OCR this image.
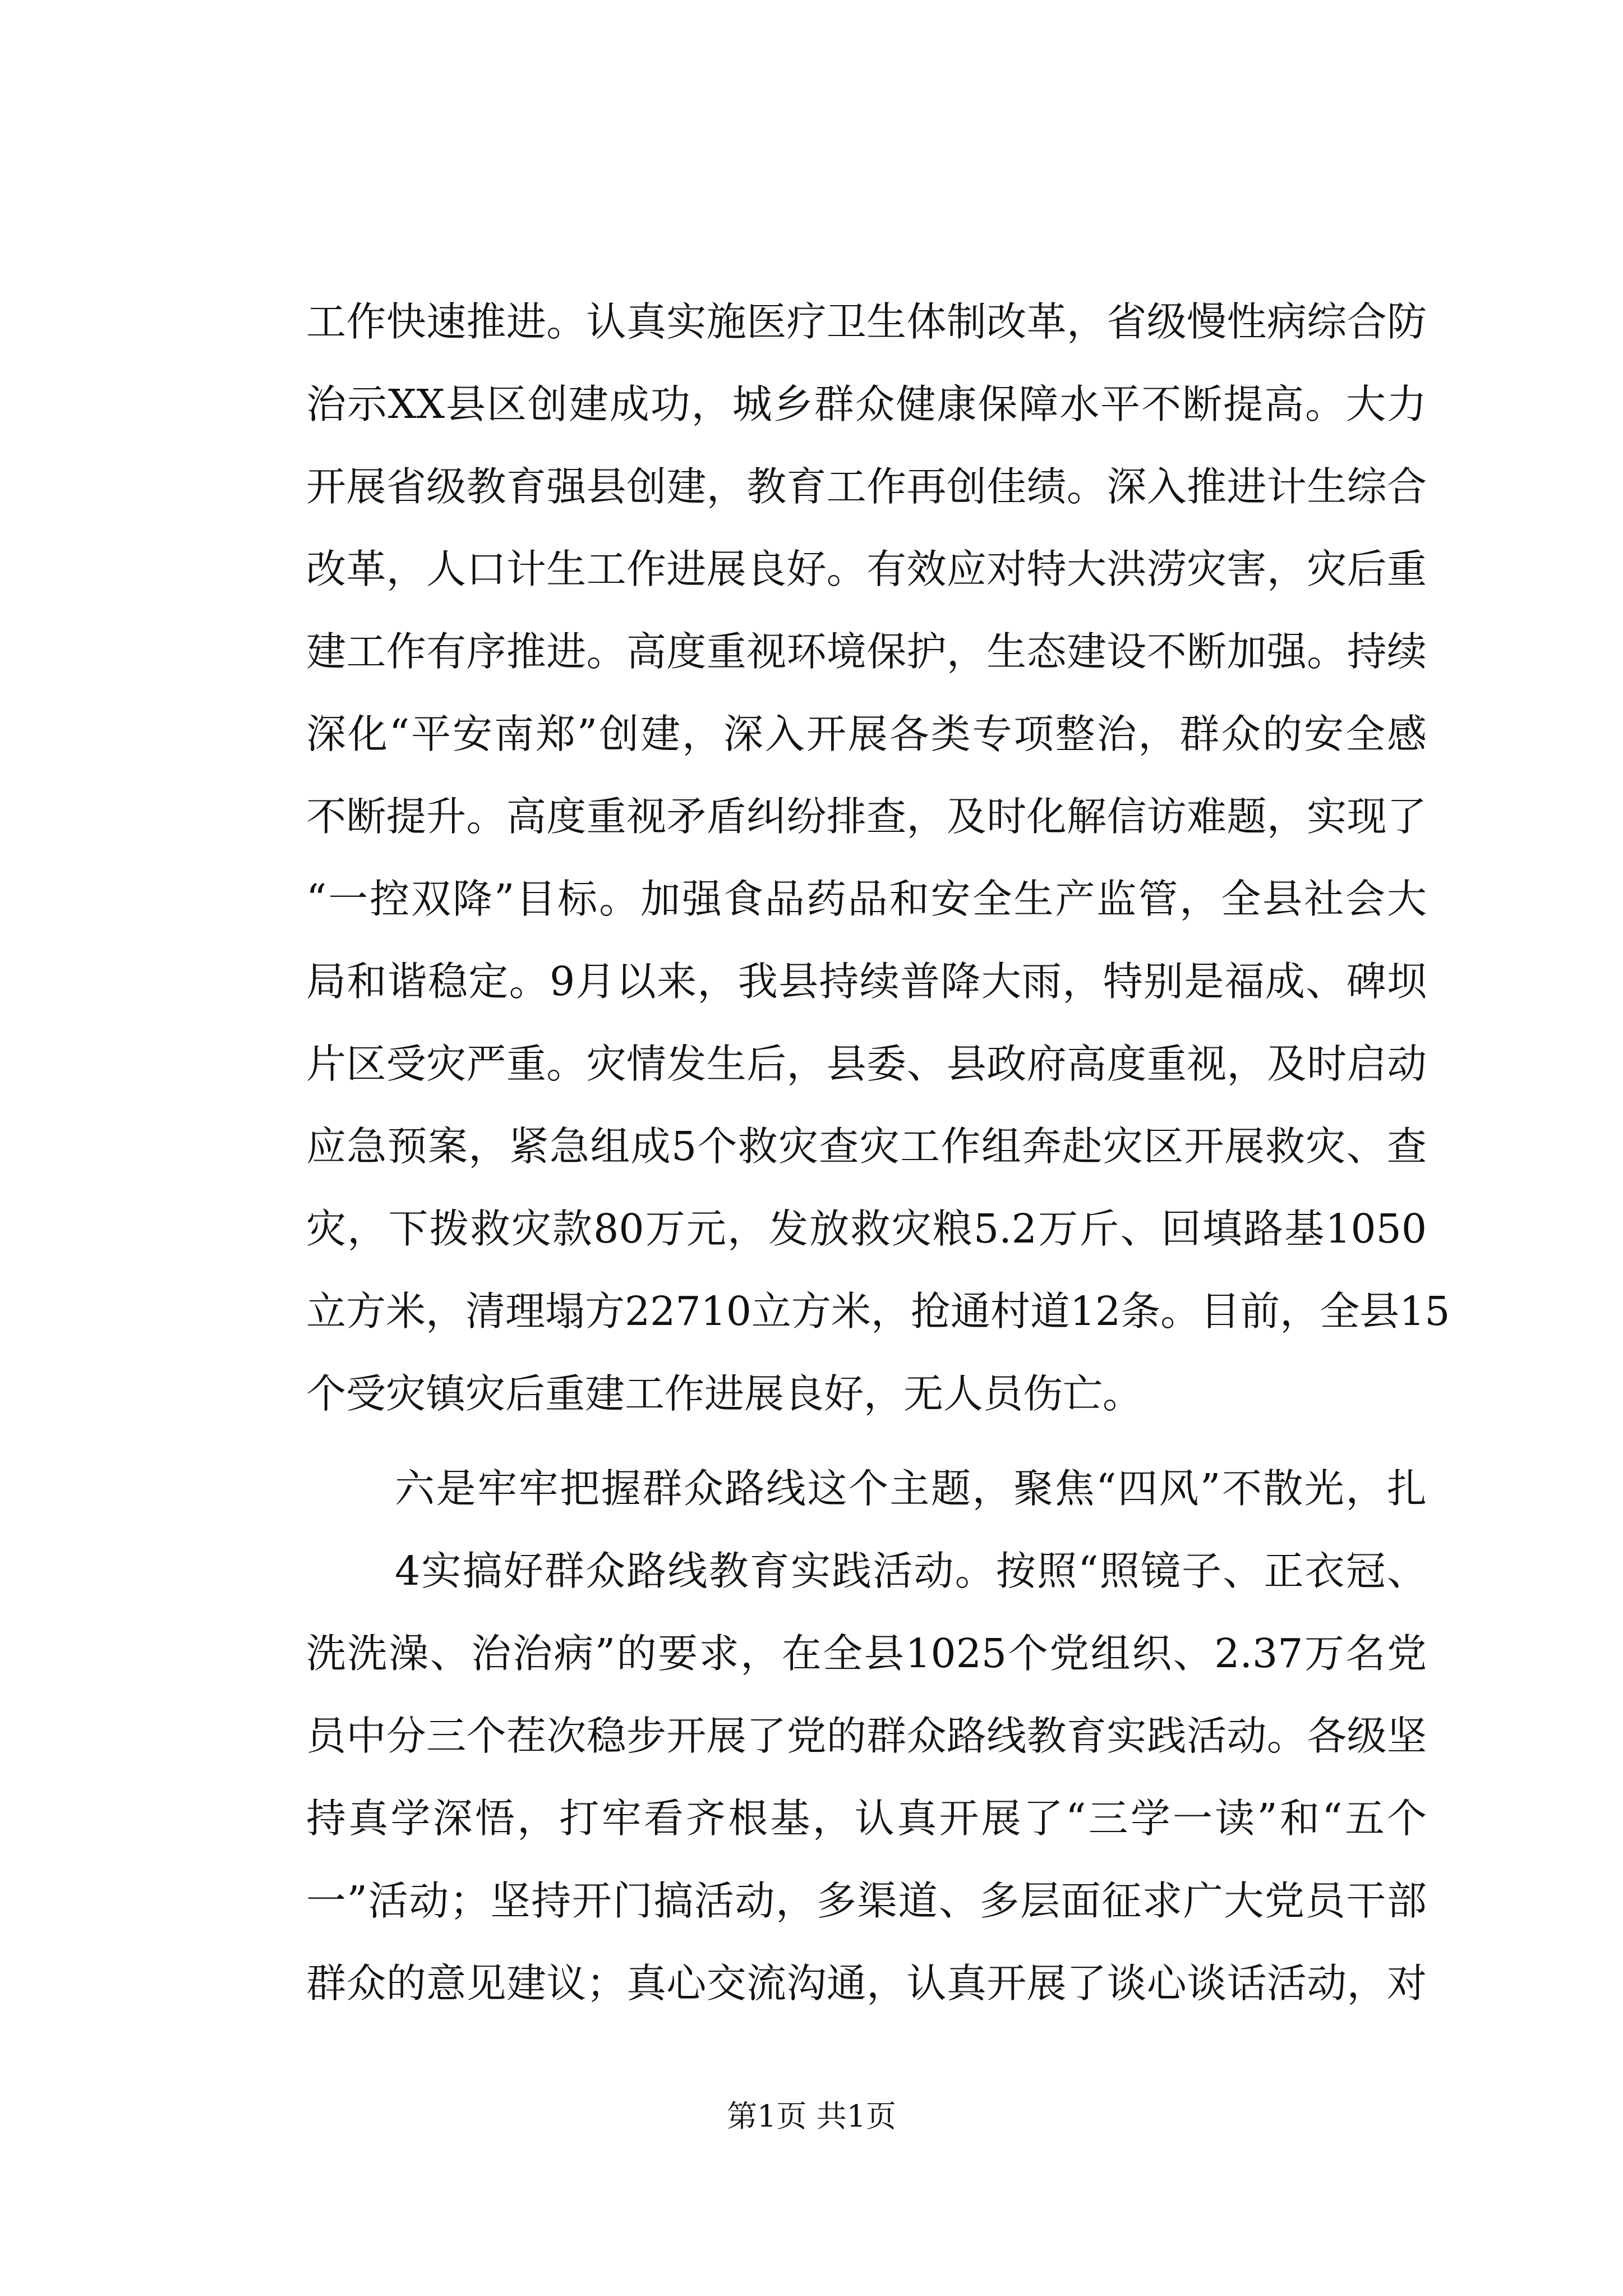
工作快速推进。认真实施医疗卫生体制改革，省级慢性病综合防
治示XX县区创建成功，城乡群众健康保障水平不断提高。大力
开展省级教育强县创建，教育工作再创佳绩。深入推进计生综合
改革，人口计生工作进展良好。有效应对特大洪涝灾害，灾后重
建工作有序推进。高度重视环境保护，生态建设不断加强。持续
深化“平安南郑”创建，深入开展各类专项整治，群众的安全感
不断提升。高度重视矛盾纠纷排查，及时化解信访难题，实现了
“一控双降”目标。加强食品药品和安全生产监管，全县社会大
局和谐稳定。9月以来，我县持续普降大雨，特别是福成、碑坝
片区受灾严重。灾情发生后，县委、县政府高度重视，及时启动
应急预案，紧急组成5个救灾查灾工作组奔赴灾区开展救灾、查
灾，下拨救灾款80万元，发放救灾粮5.2万斤、回填路基1050
立方米，清理塌方22710立方米，抢通村道12条。目前，全县15
个受灾镇灾后重建工作进展良好，无人员伤亡。
六是牢牢把握群众路线这个主题，聚焦“四风”不散光，扎
4实搞好群众路线教育实践活动。按照“照镜子、正衣冠、
洗洗澡、治治病”的要求，在全县1025个党组织、2.37万名党
员中分三个茬次稳步开展了党的群众路线教育实践活动。各级坚
持真学深悟，打牢看齐根基，认真开展了“三学一读”和“五个
一”活动；坚持开门搞活动，多渠道、多层面征求广大党员干部
群众的意见建议；真心交流沟通，认真开展了谈心谈话活动，对
第1页 共1页
